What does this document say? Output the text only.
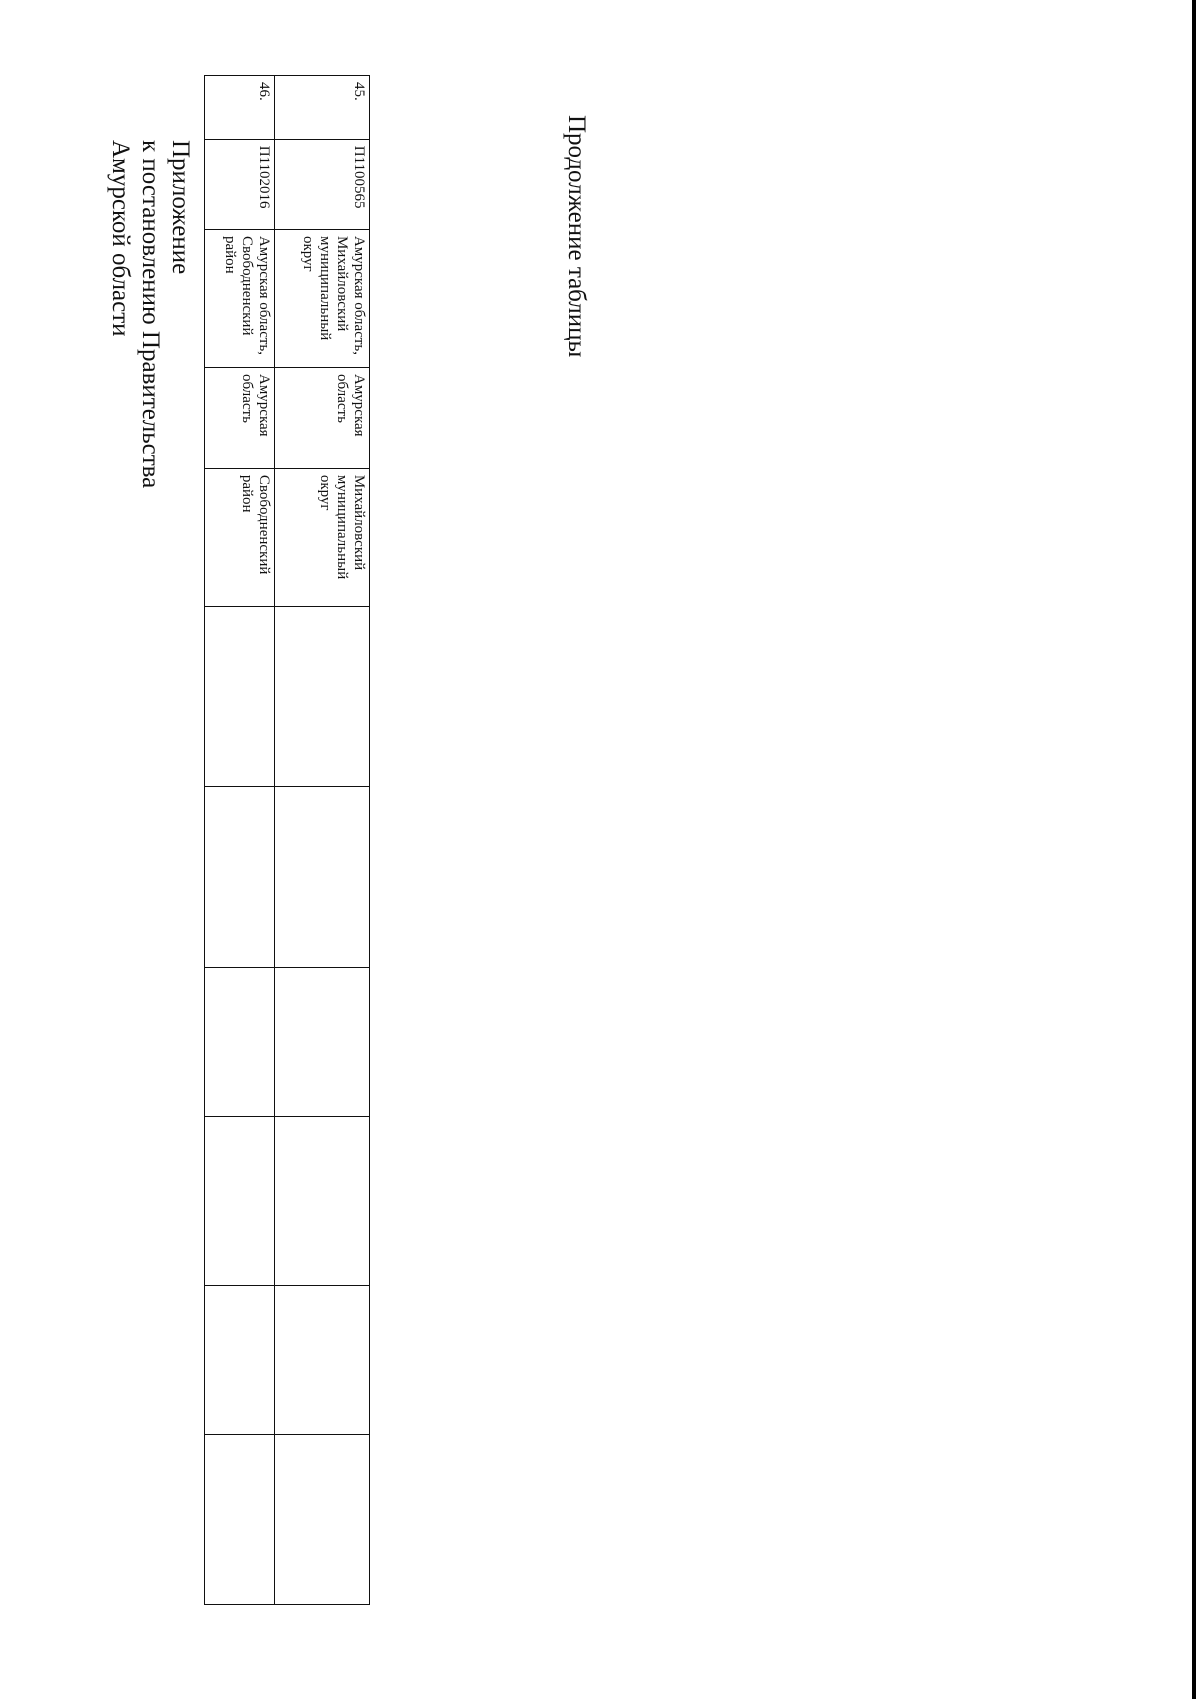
Приложение
к постановлению Правительства
Амурской области
45.	П1100565	Амурская область, Михайловский муниципальный округ	Амурская область	Михайловский муниципальный округ						
46.	П1102016	Амурская область, Свободненский район	Амурская область	Свободненский район						
Продолжение таблицы
